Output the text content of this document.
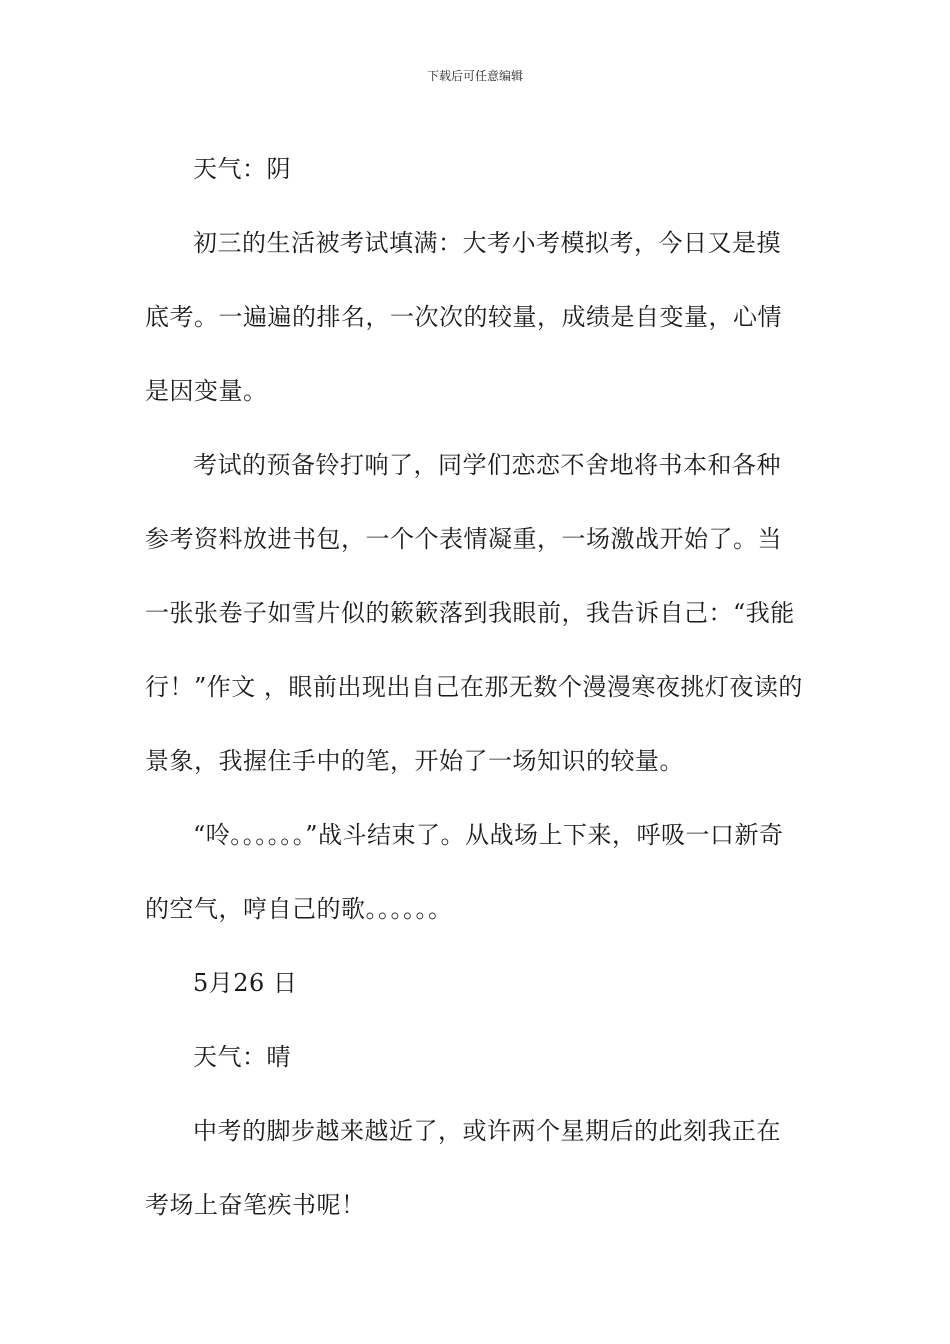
下载后可任意编辑

天气：阴

初三的生活被考试填满：大考小考模拟考，今日又是摸底考。一遍遍的排名，一次次的较量，成绩是自变量，心情是因变量。

考试的预备铃打响了，同学们恋恋不舍地将书本和各种参考资料放进书包，一个个表情凝重，一场激战开始了。当一张张卷子如雪片似的簌簌落到我眼前，我告诉自己：“我能行！”作文 ，眼前出现出自己在那无数个漫漫寒夜挑灯夜读的景象，我握住手中的笔，开始了一场知识的较量。

“呤。。。。。。”战斗结束了。从战场上下来，呼吸一口新奇的空气，哼自己的歌。。。。。。

5月26 日

天气：晴

中考的脚步越来越近了，或许两个星期后的此刻我正在考场上奋笔疾书呢！
